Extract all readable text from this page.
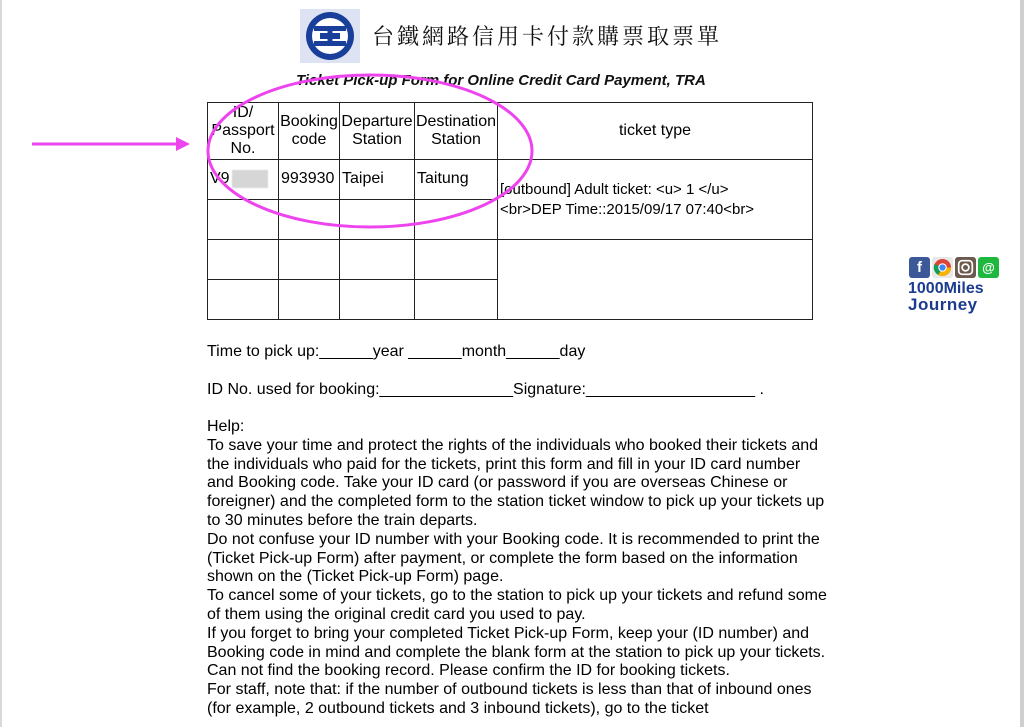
台鐵網路信用卡付款購票取票單
Ticket Pick-up Form for Online Credit Card Payment, TRA
ID/ Passport No.	Booking code	Departure Station	Destination Station	ticket type
V9	993930	Taipei	Taitung	[outbound] Adult ticket: <u> 1 </u>
<br>DEP Time::2015/09/17 07:40<br>

f	@
1000Miles
Journey
Time to pick up:______year ______month______day
ID No. used for booking:_______________Signature:___________________ .

Help:

To save your time and protect the rights of the individuals who booked their tickets and the individuals who paid for the tickets, print this form and fill in your ID card number and Booking code. Take your ID card (or password if you are overseas Chinese or foreigner) and the completed form to the station ticket window to pick up your tickets up to 30 minutes before the train departs.

Do not confuse your ID number with your Booking code. It is recommended to print the (Ticket Pick-up Form) after payment, or complete the form based on the information shown on the (Ticket Pick-up Form) page.

To cancel some of your tickets, go to the station to pick up your tickets and refund some of them using the original credit card you used to pay.

If you forget to bring your completed Ticket Pick-up Form, keep your (ID number) and Booking code in mind and complete the blank form at the station to pick up your tickets.

Can not find the booking record. Please confirm the ID for booking tickets.

For staff, note that: if the number of outbound tickets is less than that of inbound ones (for example, 2 outbound tickets and 3 inbound tickets), go to the ticket
